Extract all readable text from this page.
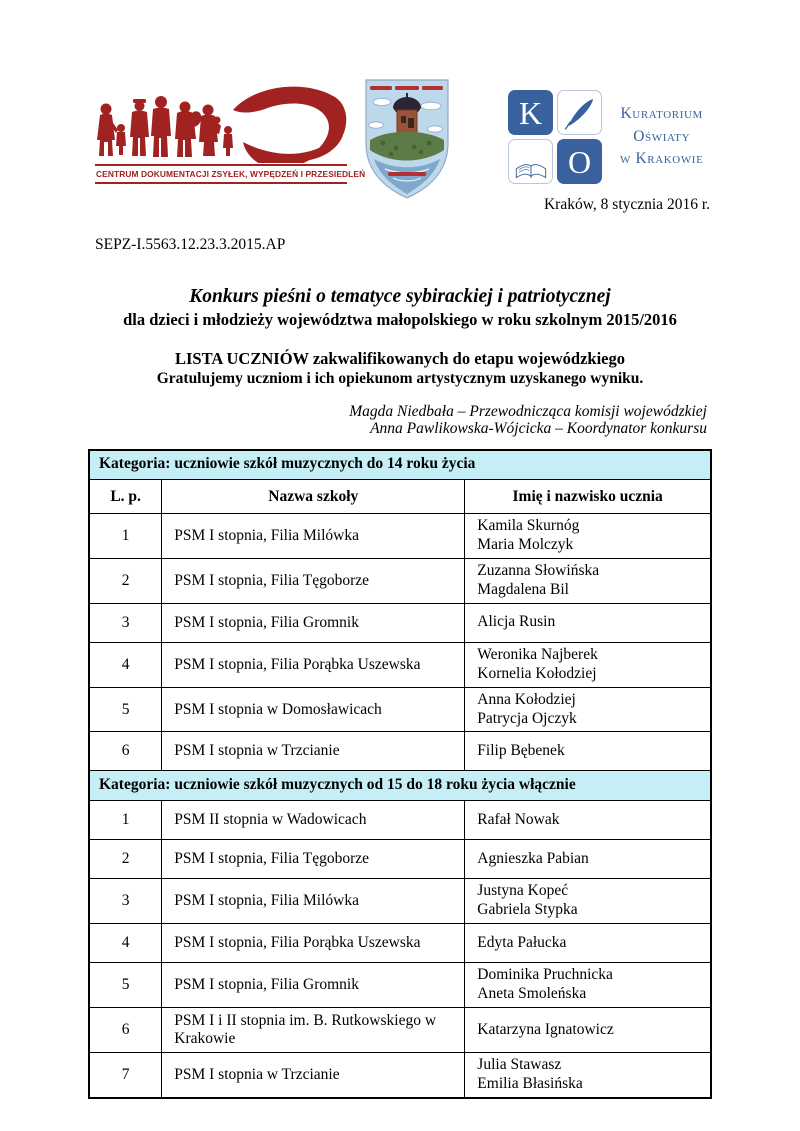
CENTRUM DOKUMENTACJI ZSYŁEK, WYPĘDZEŃ I PRZESIEDLEŃ
K
O
Kuratorium
Oświaty
w Krakowie
Kraków, 8 stycznia 2016 r.
SEPZ-I.5563.12.23.3.2015.AP
Konkurs pieśni o tematyce sybirackiej i patriotycznej
dla dzieci i młodzieży województwa małopolskiego w roku szkolnym 2015/2016
LISTA UCZNIÓW zakwalifikowanych do etapu wojewódzkiego
Gratulujemy uczniom i ich opiekunom artystycznym uzyskanego wyniku.
Magda Niedbała – Przewodnicząca komisji wojewódzkiej
Anna Pawlikowska-Wójcicka – Koordynator konkursu
Kategoria: uczniowie szkół muzycznych do 14 roku życia		
L. p.	Nazwa szkoły	Imię i nazwisko ucznia
1	PSM I stopnia, Filia Milówka	Kamila Skurnóg
Maria Molczyk

2	PSM I stopnia, Filia Tęgoborze	Zuzanna Słowińska
Magdalena Bil

3	PSM I stopnia, Filia Gromnik	Alicja Rusin

4	PSM I stopnia, Filia Porąbka Uszewska	Weronika Najberek
Kornelia Kołodziej

5	PSM I stopnia w Domosławicach	Anna Kołodziej
Patrycja Ojczyk

6	PSM I stopnia w Trzcianie	Filip Bębenek

Kategoria: uczniowie szkół muzycznych od 15 do 18 roku życia włącznie		
1	PSM II stopnia w Wadowicach	Rafał Nowak

2	PSM I stopnia, Filia Tęgoborze	Agnieszka Pabian

3	PSM I stopnia, Filia Milówka	Justyna Kopeć
Gabriela Stypka

4	PSM I stopnia, Filia Porąbka Uszewska	Edyta Pałucka

5	PSM I stopnia, Filia Gromnik	Dominika Pruchnicka
Aneta Smoleńska

6	PSM I i II stopnia im. B. Rutkowskiego w Krakowie	Katarzyna Ignatowicz

7	PSM I stopnia w Trzcianie	Julia Stawasz
Emilia Błasińska
